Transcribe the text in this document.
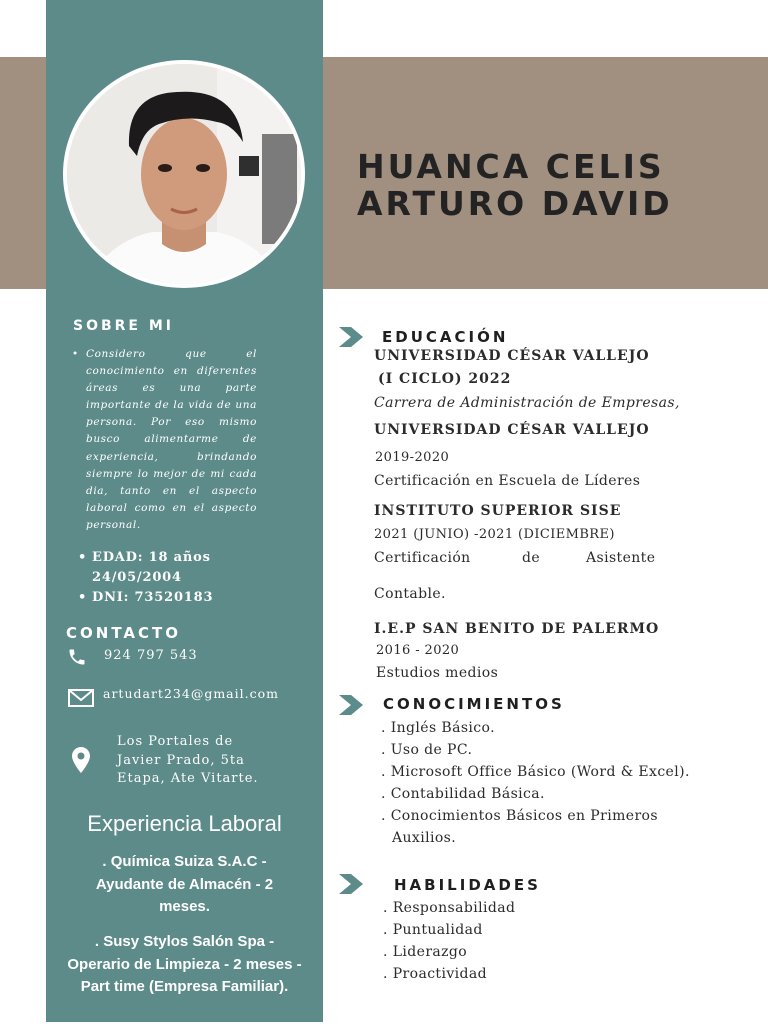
HUANCA CELIS
ARTURO DAVID
SOBRE MI
• Considero que el conocimiento en diferentes áreas es una parte importante de la vida de una persona. Por eso mismo busco alimentarme de experiencia, brindando siempre lo mejor de mi cada dia, tanto en el aspecto laboral como en el aspecto personal.
• EDAD: 18 años
24/05/2004
• DNI: 73520183
CONTACTO
924 797 543
artudart234@gmail.com
Los Portales de
Javier Prado, 5ta
Etapa, Ate Vitarte.
Experiencia Laboral
. Química Suiza S.A.C -
Ayudante de Almacén - 2
meses.
. Susy Stylos Salón Spa -
Operario de Limpieza - 2 meses -
Part time (Empresa Familiar).
EDUCACIÓN
UNIVERSIDAD CÉSAR VALLEJO
(I CICLO) 2022
Carrera de Administración de Empresas,
UNIVERSIDAD CÉSAR VALLEJO
2019-2020
Certificación en Escuela de Líderes
INSTITUTO SUPERIOR SISE
2021 (JUNIO) -2021 (DICIEMBRE)
Certificación	de	Asistente
Contable.
I.E.P SAN BENITO DE PALERMO
2016 - 2020
Estudios medios
CONOCIMIENTOS
. Inglés Básico.
. Uso de PC.
. Microsoft Office Básico (Word & Excel).
. Contabilidad Básica.
. Conocimientos Básicos en Primeros
Auxilios.
HABILIDADES
. Responsabilidad
. Puntualidad
. Liderazgo
. Proactividad
